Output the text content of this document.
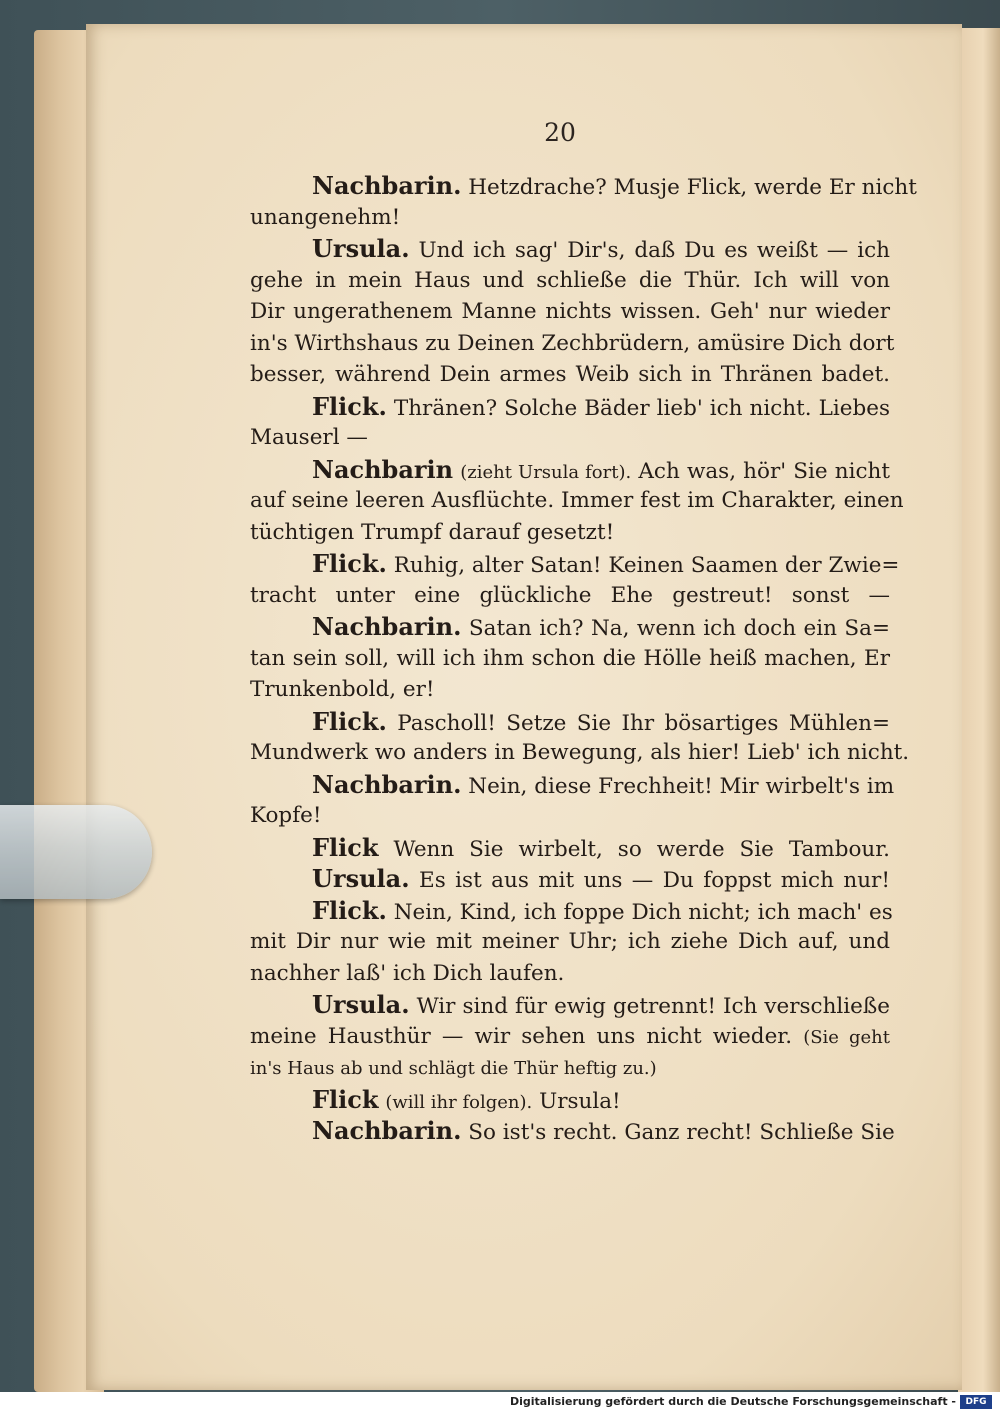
20
Nachbarin. Hetzdrache? Musje Flick, werde Er nicht
unangenehm!
Ursula. Und ich sag' Dir's, daß Du es weißt — ich
gehe in mein Haus und schließe die Thür. Ich will von
Dir ungerathenem Manne nichts wissen. Geh' nur wieder
in's Wirthshaus zu Deinen Zechbrüdern, amüsire Dich dort
besser, während Dein armes Weib sich in Thränen badet.
Flick. Thränen? Solche Bäder lieb' ich nicht. Liebes
Mauserl —
Nachbarin (zieht Ursula fort). Ach was, hör' Sie nicht
auf seine leeren Ausflüchte. Immer fest im Charakter, einen
tüchtigen Trumpf darauf gesetzt!
Flick. Ruhig, alter Satan! Keinen Saamen der Zwie=
tracht unter eine glückliche Ehe gestreut! sonst —
Nachbarin. Satan ich? Na, wenn ich doch ein Sa=
tan sein soll, will ich ihm schon die Hölle heiß machen, Er
Trunkenbold, er!
Flick. Pascholl! Setze Sie Ihr bösartiges Mühlen=
Mundwerk wo anders in Bewegung, als hier! Lieb' ich nicht.
Nachbarin. Nein, diese Frechheit! Mir wirbelt's im
Kopfe!
Flick Wenn Sie wirbelt, so werde Sie Tambour.
Ursula. Es ist aus mit uns — Du foppst mich nur!
Flick. Nein, Kind, ich foppe Dich nicht; ich mach' es
mit Dir nur wie mit meiner Uhr; ich ziehe Dich auf, und
nachher laß' ich Dich laufen.
Ursula. Wir sind für ewig getrennt! Ich verschließe
meine Hausthür — wir sehen uns nicht wieder. (Sie geht
in's Haus ab und schlägt die Thür heftig zu.)
Flick (will ihr folgen). Ursula!
Nachbarin. So ist's recht. Ganz recht! Schließe Sie
Digitalisierung gefördert durch die Deutsche Forschungsgemeinschaft -	DFG
